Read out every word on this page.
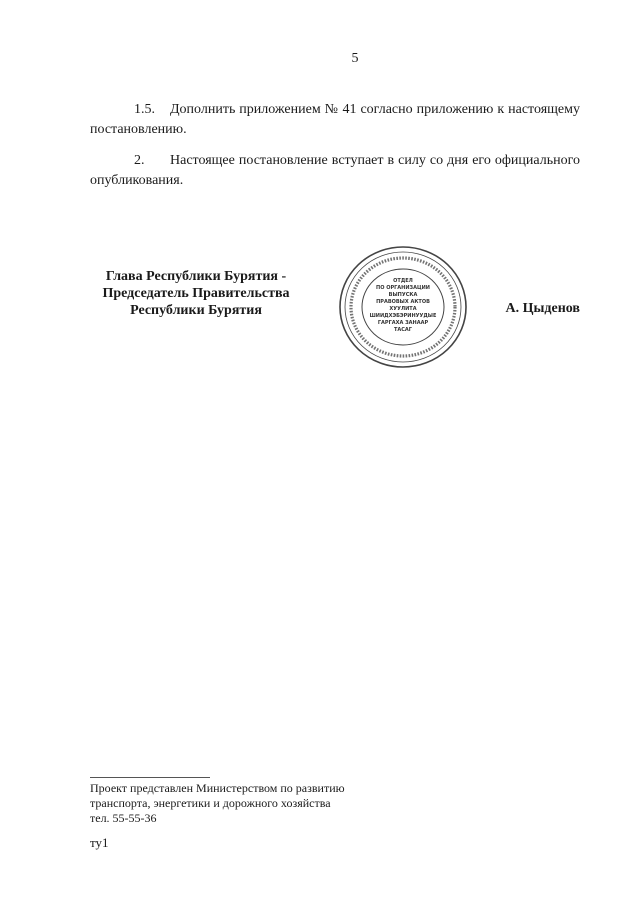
5
1.5. Дополнить приложением № 41 согласно приложению к настоящему постановлению.
2. Настоящее постановление вступает в силу со дня его официального опубликования.
Глава Республики Бурятия -
Председатель Правительства
Республики Бурятия
ОТДЕЛ
ПО ОРГАНИЗАЦИИ
ВЫПУСКА
ПРАВОВЫХ АКТОВ
ХУУЛИТА
ШИИДХЭБЭРИНУУДЫЕ
ГАРГАХА ЗАНААР
ТАСАГ
А. Цыденов
Проект представлен Министерством по развитию
транспорта, энергетики и дорожного хозяйства
тел. 55-55-36
ту1
